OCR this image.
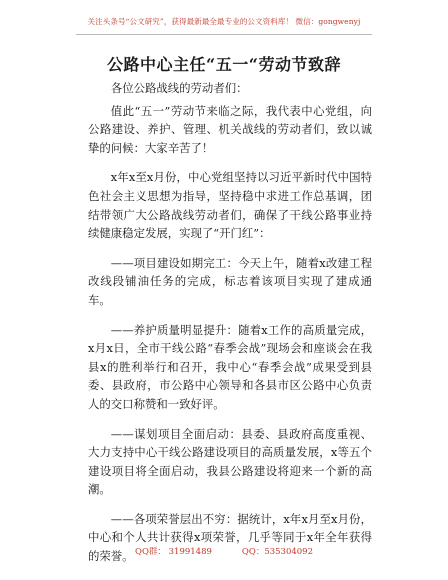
关注头条号“公文研究”，获得最新最全最专业的公文资料库！ 微信：gongwenyj
公路中心主任“五一“劳动节致辞

各位公路战线的劳动者们：

值此“五一”劳动节来临之际，我代表中心党组，向公路建设、养护、管理、机关战线的劳动者们，致以诚挚的问候：大家辛苦了！

x年x至x月份，中心党组坚持以习近平新时代中国特色社会主义思想为指导，坚持稳中求进工作总基调，团结带领广大公路战线劳动者们，确保了干线公路事业持续健康稳定发展，实现了“开门红”：

——项目建设如期完工：今天上午，随着x改建工程改线段铺油任务的完成，标志着该项目实现了建成通车。

——养护质量明显提升：随着x工作的高质量完成，x月x日，全市干线公路“春季会战”现场会和座谈会在我县x的胜利举行和召开，我中心“春季会战”成果受到县委、县政府，市公路中心领导和各县市区公路中心负责人的交口称赞和一致好评。

——谋划项目全面启动：县委、县政府高度重视、大力支持中心干线公路建设项目的高质量发展，x等五个建设项目将全面启动，我县公路建设将迎来一个新的高潮。

——各项荣誉层出不穷：据统计，x年x月至x月份，中心和个人共计获得x项荣誉，几乎等同于x年全年获得的荣誉。 QQ群： 31991489	QQ：535304092
